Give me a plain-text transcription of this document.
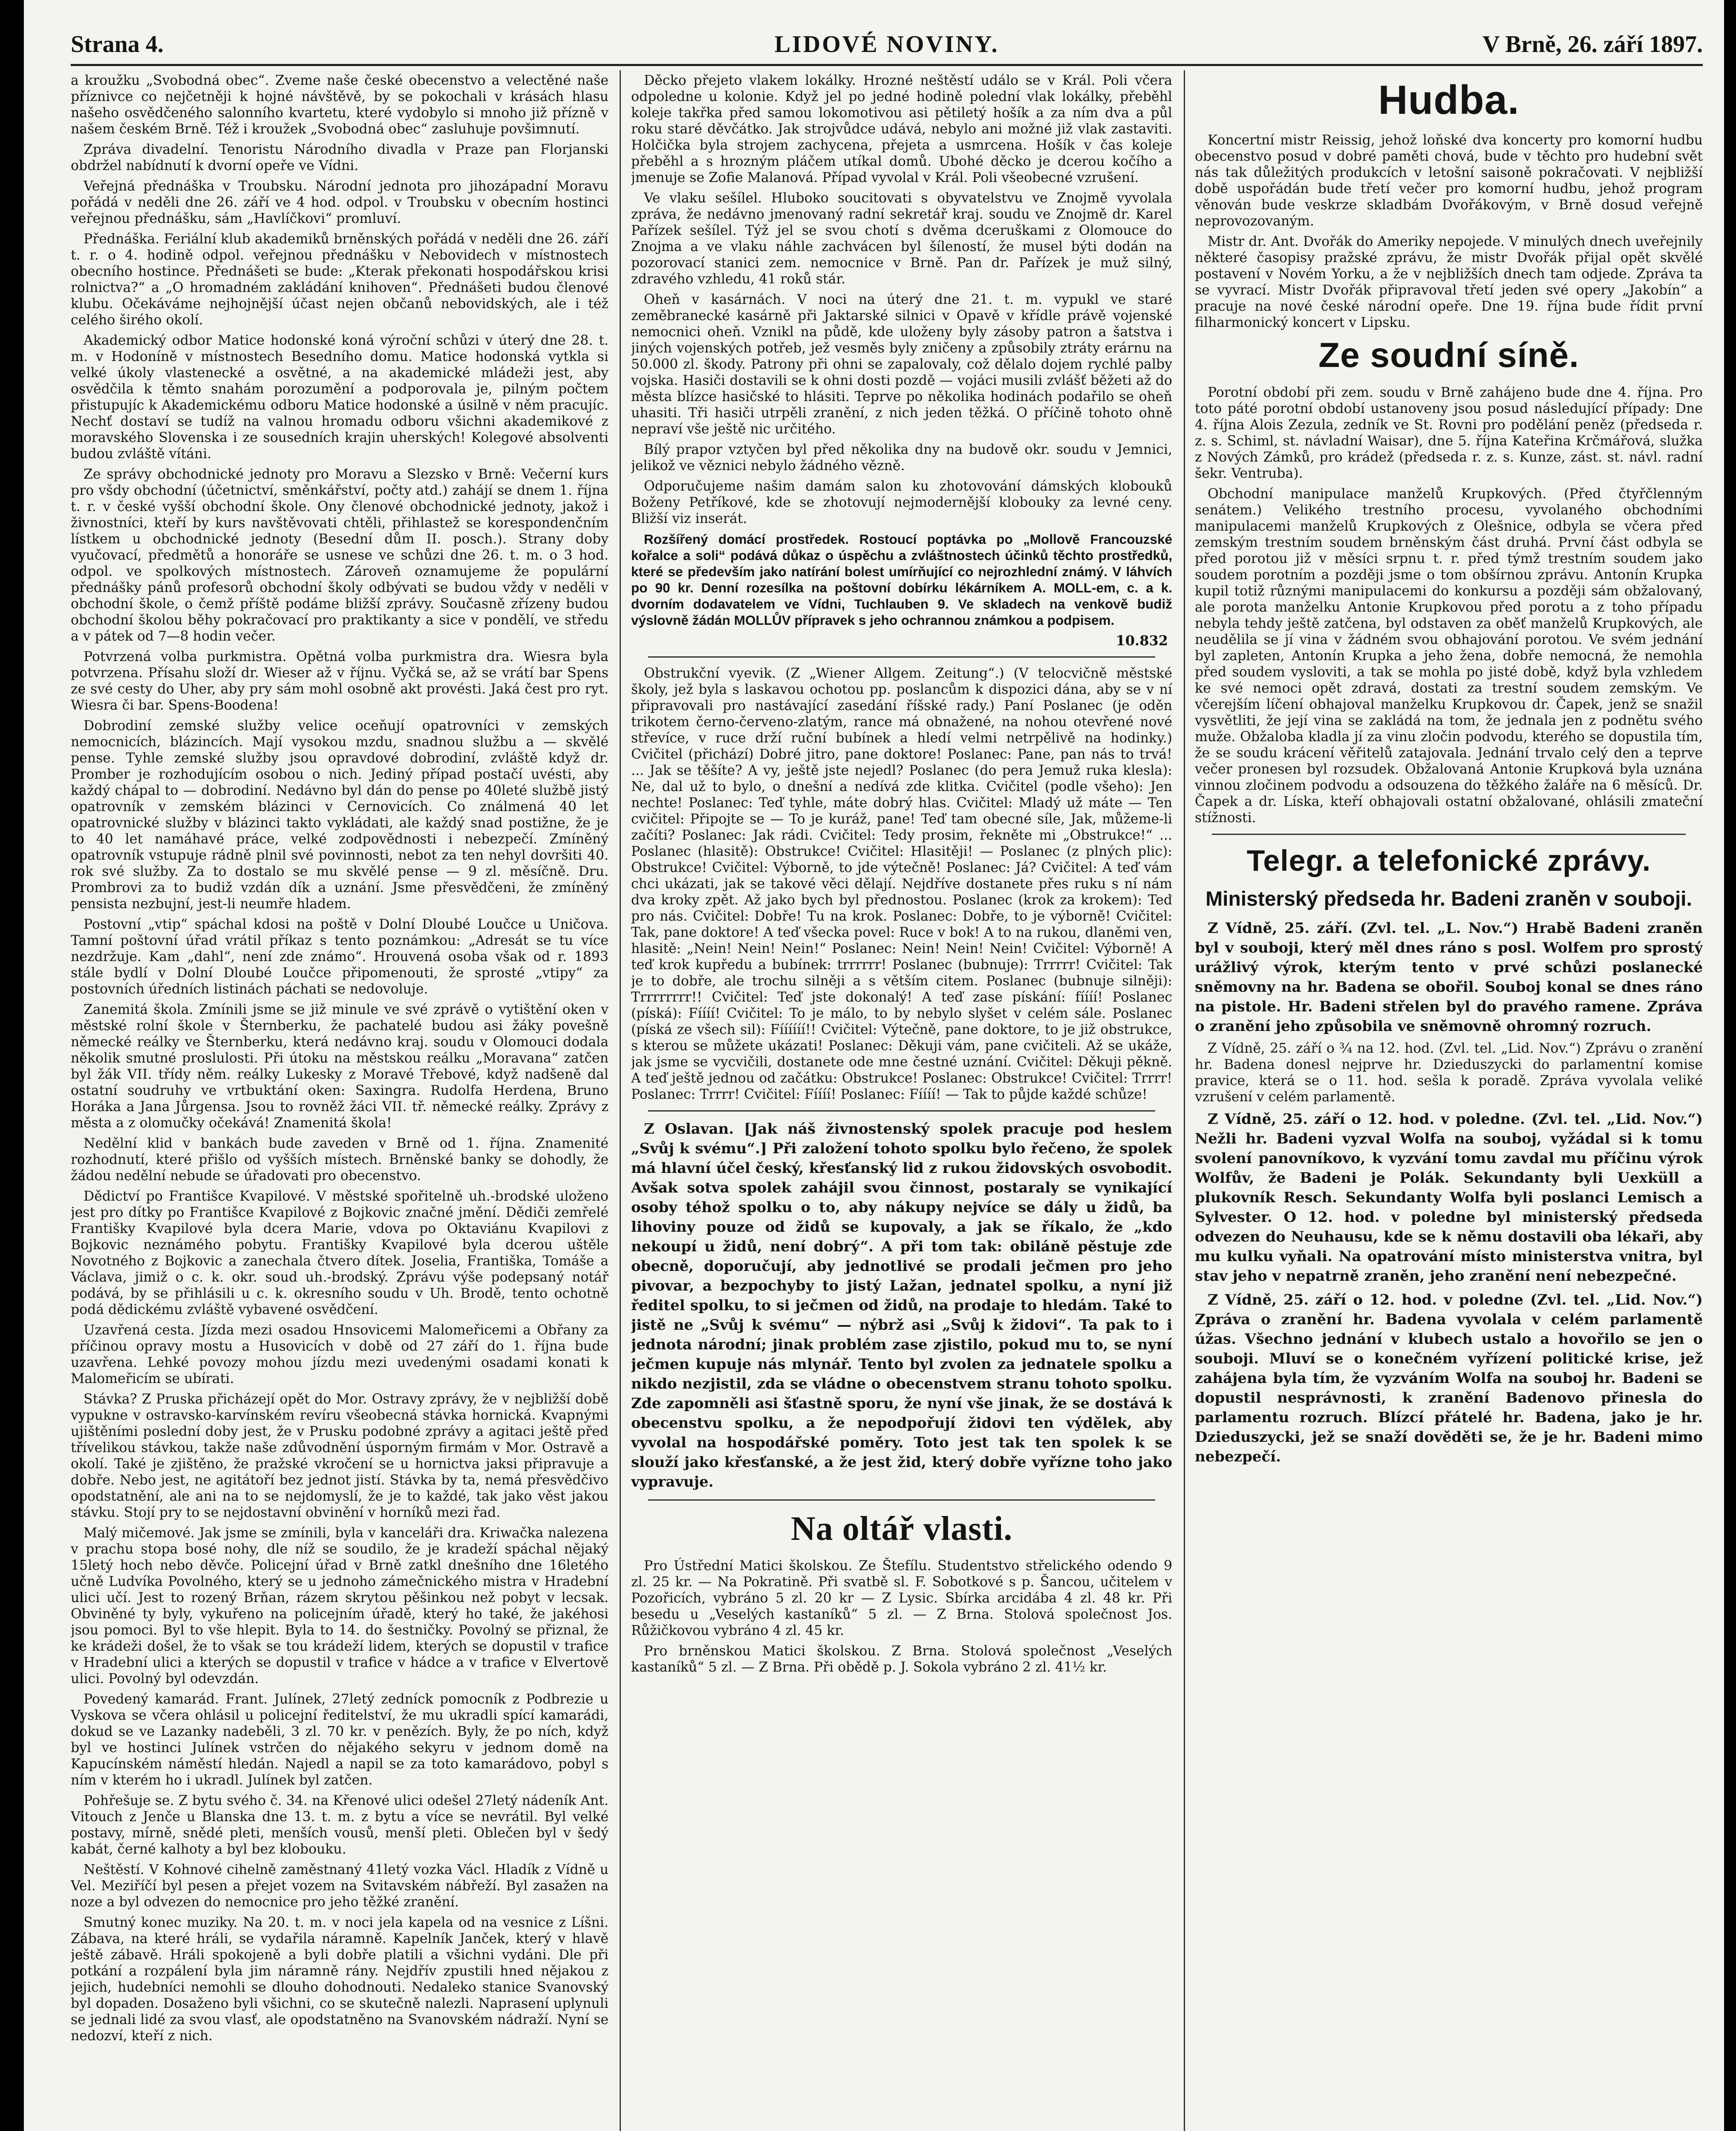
Strana 4.	LIDOVÉ NOVINY.	V Brně, 26. září 1897.

a kroužku „Svobodná obec“. Zveme naše české obecenstvo a velectěné naše příznivce co nejčetněji k hojné návštěvě, by se pokochali v krásách hlasu našeho osvědčeného salonního kvartetu, které vydobylo si mnoho již přízně v našem českém Brně. Též i kroužek „Svobodná obec“ zasluhuje povšimnutí.

Zpráva divadelní. Tenoristu Národního divadla v Praze pan Florjanski obdržel nabídnutí k dvorní opeře ve Vídni.

Veřejná přednáška v Troubsku. Národní jednota pro jihozápadní Moravu pořádá v neděli dne 26. září ve 4 hod. odpol. v Troubsku v obecním hostinci veřejnou přednášku, sám „Havlíčkovi“ promluví.

Přednáška. Feriální klub akademiků brněnských pořádá v neděli dne 26. září t. r. o 4. hodině odpol. veřejnou přednášku v Nebovidech v místnostech obecního hostince. Přednášeti se bude: „Kterak překonati hospodářskou krisi rolnictva?“ a „O hromadném zakládání knihoven“. Přednášeti budou členové klubu. Očekáváme nejhojnější účast nejen občanů nebovidských, ale i též celého širého okolí.

Akademický odbor Matice hodonské koná výroční schůzi v úterý dne 28. t. m. v Hodoníně v místnostech Besedního domu. Matice hodonská vytkla si velké úkoly vlastenecké a osvětné, a na akademické mládeži jest, aby osvědčila k těmto snahám porozumění a podporovala je, pilným počtem přistupujíc k Akademickému odboru Matice hodonské a úsilně v něm pracujíc. Nechť dostaví se tudíž na valnou hromadu odboru všichni akademikové z moravského Slovenska i ze sousedních krajin uherských! Kolegové absolventi budou zvláště vítáni.

Ze správy obchodnické jednoty pro Moravu a Slezsko v Brně: Večerní kurs pro všdy obchodní (účetnictví, směnkářství, počty atd.) zahájí se dnem 1. října t. r. v české vyšší obchodní škole. Ony členové obchodnické jednoty, jakož i živnostníci, kteří by kurs navštěvovati chtěli, přihlastež se korespondenčním lístkem u obchodnické jednoty (Besední dům II. posch.). Strany doby vyučovací, předmětů a honoráře se usnese ve schůzi dne 26. t. m. o 3 hod. odpol. ve spolkových místnostech. Zároveň oznamujeme že populární přednášky pánů profesorů obchodní školy odbývati se budou vždy v neděli v obchodní škole, o čemž příště podáme bližší zprávy. Současně zřízeny budou obchodní školou běhy pokračovací pro praktikanty a sice v pondělí, ve středu a v pátek od 7—8 hodin večer.

Potvrzená volba purkmistra. Opětná volba purkmistra dra. Wiesra byla potvrzena. Přísahu složí dr. Wieser až v říjnu. Vyčká se, až se vrátí bar Spens ze své cesty do Uher, aby pry sám mohl osobně akt provésti. Jaká čest pro ryt. Wiesra či bar. Spens-Boodena!

Dobrodiní zemské služby velice oceňují opatrovníci v zemských nemocnicích, blázincích. Mají vysokou mzdu, snadnou službu a — skvělé pense. Tyhle zemské služby jsou opravdové dobrodiní, zvláště když dr. Promber je rozhodujícím osobou o nich. Jediný případ postačí uvésti, aby každý chápal to — dobrodiní. Nedávno byl dán do pense po 40leté službě jistý opatrovník v zemském blázinci v Cernovicích. Co ználmená 40 let opatrovnické služby v blázinci takto vykládati, ale každý snad postižne, že je to 40 let namáhavé práce, velké zodpovědnosti i nebezpečí. Zmíněný opatrovník vstupuje rádně plnil své povinnosti, nebot za ten nehyl dovršiti 40. rok své služby. Za to dostalo se mu skvělé pense — 9 zl. měsíčně. Dru. Prombrovi za to budiž vzdán dík a uznání. Jsme přesvědčeni, že zmíněný pensista nezbujní, jest-li neumře hladem.

Postovní „vtip“ spáchal kdosi na poště v Dolní Dloubé Loučce u Uničova. Tamní poštovní úřad vrátil příkaz s tento poznámkou: „Adresát se tu více nezdržuje. Kam „dahl“, není zde známo“. Hrouvená osoba však od r. 1893 stále bydlí v Dolní Dloubé Loučce připomenouti, že sprosté „vtipy“ za postovních úředních listinách páchati se nedovoluje.

Zanemitá škola. Zmínili jsme se již minule ve své zprávě o vytištění oken v městské rolní škole v Šternberku, že pachatelé budou asi žáky povešně německé reálky ve Šternberku, která nedávno kraj. soudu v Olomouci dodala několik smutné proslulosti. Při útoku na městskou reálku „Moravana“ zatčen byl žák VII. třídy něm. reálky Lukesky z Moravé Třebové, když nadšeně dal ostatní soudruhy ve vrtbuktání oken: Saxingra. Rudolfa Herdena, Bruno Horáka a Jana Jůrgensa. Jsou to rovněž žáci VII. tř. německé reálky. Zprávy z města a z olomučky očekává! Znamenitá škola!

Nedělní klid v bankách bude zaveden v Brně od 1. října. Znamenité rozhodnutí, které přišlo od vyšších místech. Brněnské banky se dohodly, že žádou nedělní nebude se úřadovati pro obecenstvo.

Dědictví po Františce Kvapilové. V městské spořitelně uh.-brodské uloženo jest pro dítky po Františce Kvapilové z Bojkovic značné jmění. Dědiči zemřelé Františky Kvapilové byla dcera Marie, vdova po Oktaviánu Kvapilovi z Bojkovic neznámého pobytu. Františky Kvapilové byla dcerou uštěle Novotného z Bojkovic a zanechala čtvero dítek. Joselia, Františka, Tomáše a Václava, jimiž o c. k. okr. soud uh.-brodský. Zprávu výše podepsaný notář podává, by se přihlásili u c. k. okresního soudu v Uh. Brodě, tento ochotně podá dědickému zvláště vybavené osvědčení.

Uzavřená cesta. Jízda mezi osadou Hnsovicemi Malomeřicemi a Obřany za příčinou opravy mostu a Husovicích v době od 27 září do 1. října bude uzavřena. Lehké povozy mohou jízdu mezi uvedenými osadami konati k Malomeřicím se ubírati.

Stávka? Z Pruska přicházejí opět do Mor. Ostravy zprávy, že v nejbližší době vypukne v ostravsko-karvínském revíru všeobecná stávka hornická. Kvapnými ujištěními poslední doby jest, že v Prusku podobné zprávy a agitaci ještě před třívelikou stávkou, takže naše zdůvodnění úsporným firmám v Mor. Ostravě a okolí. Také je zjištěno, že pražské vkročení se u hornictva jaksi připravuje a dobře. Nebo jest, ne agitátoří bez jednot jistí. Stávka by ta, nemá přesvědčivo opodstatnění, ale ani na to se nejdomyslí, že je to každé, tak jako věst jakou stávku. Stojí pry to se nejdostavní obvinění v horníků mezi řad.

Malý mičemové. Jak jsme se zmínili, byla v kanceláři dra. Kriwačka nalezena v prachu stopa bosé nohy, dle níž se soudilo, že je kradeží spáchal nějaký 15letý hoch nebo děvče. Policejní úřad v Brně zatkl dnešního dne 16letého učně Ludvíka Povolného, který se u jednoho zámečnického mistra v Hradební ulici učí. Jest to rozený Brňan, rázem skrytou pěšinkou než pobyt v lecsak. Obviněné ty byly, vykuřeno na policejním úřadě, který ho také, že jakéhosi jsou pomoci. Byl to vše hlepit. Byla to 14. do šestničky. Povolný se přiznal, že ke krádeži došel, že to však se tou krádeží lidem, kterých se dopustil v trafice v Hradební ulici a kterých se dopustil v trafice v hádce a v trafice v Elvertově ulici. Povolný byl odevzdán.

Povedený kamarád. Frant. Julínek, 27letý zedníck pomocník z Podbrezie u Vyskova se včera ohlásil u policejní ředitelství, že mu ukradli spící kamarádi, dokud se ve Lazanky nadeběli, 3 zl. 70 kr. v penězích. Byly, že po ních, když byl ve hostinci Julínek vstrčen do nějakého sekyru v jednom domě na Kapucínském náměstí hledán. Najedl a napil se za toto kamarádovo, pobyl s ním v kterém ho i ukradl. Julínek byl zatčen.

Pohřešuje se. Z bytu svého č. 34. na Křenové ulici odešel 27letý nádeník Ant. Vitouch z Jenče u Blanska dne 13. t. m. z bytu a více se nevrátil. Byl velké postavy, mírně, snědé pleti, menších vousů, menší pleti. Oblečen byl v šedý kabát, černé kalhoty a byl bez klobouku.

Neštěstí. V Kohnové cihelně zaměstnaný 41letý vozka Václ. Hladík z Vídně u Vel. Meziříčí byl pesen a přejet vozem na Svitavském nábřeží. Byl zasažen na noze a byl odvezen do nemocnice pro jeho těžké zranění.

Smutný konec muziky. Na 20. t. m. v noci jela kapela od na vesnice z Líšni. Zábava, na které hráli, se vydařila náramně. Kapelník Janček, který v hlavě ještě zábavě. Hráli spokojeně a byli dobře platili a všichni vydáni. Dle při potkání a rozpálení byla jim náramně rány. Nejdřív zpustili hned nějakou z jejich, hudebníci nemohli se dlouho dohodnouti. Nedaleko stanice Svanovský byl dopaden. Dosaženo byli všichni, co se skutečně nalezli. Naprasení uplynuli se jednali lidé za svou vlasť, ale opodstatněno na Svanovském nádraží. Nyní se nedozví, kteří z nich.

Děcko přejeto vlakem lokálky. Hrozné neštěstí událo se v Král. Poli včera odpoledne u kolonie. Když jel po jedné hodině polední vlak lokálky, přeběhl koleje takřka před samou lokomotivou asi pětiletý hošík a za ním dva a půl roku staré děvčátko. Jak strojvůdce udává, nebylo ani možné již vlak zastaviti. Holčička byla strojem zachycena, přejeta a usmrcena. Hošík v čas koleje přeběhl a s hrozným pláčem utíkal domů. Ubohé děcko je dcerou kočího a jmenuje se Zofie Malanová. Případ vyvolal v Král. Poli všeobecné vzrušení.

Ve vlaku sešílel. Hluboko soucitovati s obyvatelstvu ve Znojmě vyvolala zpráva, že nedávno jmenovaný radní sekretář kraj. soudu ve Znojmě dr. Karel Pařízek sešílel. Týž jel se svou chotí s dvěma dceruškami z Olomouce do Znojma a ve vlaku náhle zachvácen byl šíleností, že musel býti dodán na pozorovací stanici zem. nemocnice v Brně. Pan dr. Pařízek je muž silný, zdravého vzhledu, 41 roků stár.

Oheň v kasárnách. V noci na úterý dne 21. t. m. vypukl ve staré zeměbranecké kasárně při Jaktarské silnici v Opavě v křídle právě vojenské nemocnici oheň. Vznikl na půdě, kde uloženy byly zásoby patron a šatstva i jiných vojenských potřeb, jež vesměs byly zničeny a způsobily ztráty erárnu na 50.000 zl. škody. Patrony při ohni se zapalovaly, což dělalo dojem rychlé palby vojska. Hasiči dostavili se k ohni dosti pozdě — vojáci musili zvlášť běžeti až do města blízce hasičské to hlásiti. Teprve po několika hodinách podařilo se oheň uhasiti. Tři hasiči utrpěli zranění, z nich jeden těžká. O příčině tohoto ohně nepraví vše ještě nic určitého.

Bílý prapor vztyčen byl před několika dny na budově okr. soudu v Jemnici, jelikož ve věznici nebylo žádného vězně.

Odporučujeme našim damám salon ku zhotovování dámských klobouků Boženy Petříkové, kde se zhotovují nejmodernější klobouky za levné ceny. Bližší viz inserát.

Rozšířený domácí prostředek. Rostoucí poptávka po „Mollově Francouzské kořalce a soli“ podává důkaz o úspěchu a zvláštnostech účinků těchto prostředků, které se především jako natírání bolest umírňující co nejrozhlední známý. V láhvích po 90 kr. Denní rozesílka na poštovní dobírku lékárníkem A. MOLL-em, c. a k. dvorním dodavatelem ve Vídni, Tuchlauben 9. Ve skladech na venkově budiž výslovně žádán MOLLŮV přípravek s jeho ochrannou známkou a podpisem.

10.832

Obstrukční vyevik. (Z „Wiener Allgem. Zeitung“.) (V telocvičně městské školy, jež byla s laskavou ochotou pp. poslancům k dispozici dána, aby se v ní připravovali pro nastávající zasedání říšské rady.) Paní Poslanec (je oděn trikotem černo-červeno-zlatým, rance má obnažené, na nohou otevřené nové střevíce, v ruce drží ruční bubínek a hledí velmi netrpělivě na hodinky.) Cvičitel (přichází) Dobré jitro, pane doktore! Poslanec: Pane, pan nás to trvá! ... Jak se těšíte? A vy, ještě jste nejedl? Poslanec (do pera Jemuž ruka klesla): Ne, dal už to bylo, o dnešní a nedívá zde klitka. Cvičitel (podle všeho): Jen nechte! Poslanec: Teď tyhle, máte dobrý hlas. Cvičitel: Mladý už máte — Ten cvičitel: Připojte se — To je kuráž, pane! Teď tam obecné síle, Jak, můžeme-li začíti? Poslanec: Jak rádi. Cvičitel: Tedy prosim, řekněte mi „Obstrukce!“ ... Poslanec (hlasitě): Obstrukce! Cvičitel: Hlasitěji! — Poslanec (z plných plic): Obstrukce! Cvičitel: Výborně, to jde výtečně! Poslanec: Já? Cvičitel: A teď vám chci ukázati, jak se takové věci dělají. Nejdříve dostanete přes ruku s ní nám dva kroky zpět. Až jako bych byl přednostou. Poslanec (krok za krokem): Teď pro nás. Cvičitel: Dobře! Tu na krok. Poslanec: Dobře, to je výborně! Cvičitel: Tak, pane doktore! A teď všecka povel: Ruce v bok! A to na rukou, dlaněmi ven, hlasitě: „Nein! Nein! Nein!“ Poslanec: Nein! Nein! Nein! Cvičitel: Výborně! A teď krok kupředu a bubínek: trrrrrr! Poslanec (bubnuje): Trrrrr! Cvičitel: Tak je to dobře, ale trochu silněji a s větším citem. Poslanec (bubnuje silněji): Trrrrrrrr!! Cvičitel: Teď jste dokonalý! A teď zase pískání: fíííí! Poslanec (píská): Fíííí! Cvičitel: To je málo, to by nebylo slyšet v celém sále. Poslanec (píská ze všech sil): Fíííííí!! Cvičitel: Výtečně, pane doktore, to je již obstrukce, s kterou se můžete ukázati! Poslanec: Děkuji vám, pane cvičiteli. Až se ukáže, jak jsme se vycvičili, dostanete ode mne čestné uznání. Cvičitel: Děkuji pěkně. A teď ještě jednou od začátku: Obstrukce! Poslanec: Obstrukce! Cvičitel: Trrrr! Poslanec: Trrrr! Cvičitel: Fíííí! Poslanec: Fíííí! — Tak to půjde každé schůze!

Z Oslavan. [Jak náš živnostenský spolek pracuje pod heslem „Svůj k svému“.] Při založení tohoto spolku bylo řečeno, že spolek má hlavní účel český, křesťanský lid z rukou židovských osvobodit. Avšak sotva spolek zahájil svou činnost, postaraly se vynikající osoby téhož spolku o to, aby nákupy nejvíce se dály u židů, ba lihoviny pouze od židů se kupovaly, a jak se říkalo, že „kdo nekoupí u židů, není dobrý“. A při tom tak: obiláně pěstuje zde obecně, doporučují, aby jednotlivé se prodali ječmen pro jeho pivovar, a bezpochyby to jistý Lažan, jednatel spolku, a nyní již ředitel spolku, to si ječmen od židů, na prodaje to hledám. Také to jistě ne „Svůj k svému“ — nýbrž asi „Svůj k židovi“. Ta pak to i jednota národní; jinak problém zase zjistilo, pokud mu to, se nyní ječmen kupuje nás mlynář. Tento byl zvolen za jednatele spolku a nikdo nezjistil, zda se vládne o obecenstvem stranu tohoto spolku. Zde zapomněli asi šťastně sporu, že nyní vše jinak, že se dostává k obecenstvu spolku, a že nepodpořují židovi ten výdělek, aby vyvolal na hospodářské poměry. Toto jest tak ten spolek k se slouží jako křesťanské, a že jest žid, který dobře vyřízne toho jako vypravuje.

Na oltář vlasti.

Pro Ústřední Matici školskou. Ze Štefílu. Studentstvo střelického odendo 9 zl. 25 kr. — Na Pokratině. Při svatbě sl. F. Sobotkové s p. Šancou, učitelem v Pozořicích, vybráno 5 zl. 20 kr — Z Lysic. Sbírka arcidába 4 zl. 48 kr. Při besedu u „Veselých kastaníků“ 5 zl. — Z Brna. Stolová společnost Jos. Růžičkovou vybráno 4 zl. 45 kr.

Pro brněnskou Matici školskou. Z Brna. Stolová společnost „Veselých kastaníků“ 5 zl. — Z Brna. Při obědě p. J. Sokola vybráno 2 zl. 41½ kr.

Hudba.

Koncertní mistr Reissig, jehož loňské dva koncerty pro komorní hudbu obecenstvo posud v dobré paměti chová, bude v těchto pro hudební svět nás tak důležitých produkcích v letošní saisoně pokračovati. V nejbližší době uspořádán bude třetí večer pro komorní hudbu, jehož program věnován bude veskrze skladbám Dvořákovým, v Brně dosud veřejně neprovozovaným.

Mistr dr. Ant. Dvořák do Ameriky nepojede. V minulých dnech uveřejnily některé časopisy pražské zprávu, že mistr Dvořák přijal opět skvělé postavení v Novém Yorku, a že v nejbližších dnech tam odjede. Zpráva ta se vyvrací. Mistr Dvořák připravoval třetí jeden své opery „Jakobín“ a pracuje na nové české národní opeře. Dne 19. října bude řídit první filharmonický koncert v Lipsku.

Ze soudní síně.

Porotní období při zem. soudu v Brně zahájeno bude dne 4. října. Pro toto páté porotní období ustanoveny jsou posud následující případy: Dne 4. října Alois Zezula, zedník ve St. Rovni pro podělání peněz (předseda r. z. s. Schiml, st. návladní Waisar), dne 5. října Kateřina Krčmářová, služka z Nových Zámků, pro krádež (předseda r. z. s. Kunze, zást. st. návl. radní šekr. Ventruba).

Obchodní manipulace manželů Krupkových. (Před čtyřčlenným senátem.) Velikého trestního procesu, vyvolaného obchodními manipulacemi manželů Krupkových z Olešnice, odbyla se včera před zemským trestním soudem brněnským část druhá. První část odbyla se před porotou již v měsíci srpnu t. r. před týmž trestním soudem jako soudem porotním a později jsme o tom obšírnou zprávu. Antonín Krupka kupil totiž různými manipulacemi do konkursu a později sám obžalovaný, ale porota manželku Antonie Krupkovou před porotu a z toho případu nebyla tehdy ještě zatčena, byl odstaven za oběť manželů Krupkových, ale neudělila se jí vina v žádném svou obhajování porotou. Ve svém jednání byl zapleten, Antonín Krupka a jeho žena, dobře nemocná, že nemohla před soudem vysloviti, a tak se mohla po jisté době, když byla vzhledem ke své nemoci opět zdravá, dostati za trestní soudem zemským. Ve včerejším líčení obhajoval manželku Krupkovou dr. Čapek, jenž se snažil vysvětliti, že její vina se zakládá na tom, že jednala jen z podnětu svého muže. Obžaloba kladla jí za vinu zločin podvodu, kterého se dopustila tím, že se soudu krácení věřitelů zatajovala. Jednání trvalo celý den a teprve večer pronesen byl rozsudek. Obžalovaná Antonie Krupková byla uznána vinnou zločinem podvodu a odsouzena do těžkého žaláře na 6 měsíců. Dr. Čapek a dr. Líska, kteří obhajovali ostatní obžalované, ohlásili zmateční stížnosti.

Telegr. a telefonické zprávy.
Ministerský předseda hr. Badeni zraněn v souboji.

Z Vídně, 25. září. (Zvl. tel. „L. Nov.“) Hrabě Badeni zraněn byl v souboji, který měl dnes ráno s posl. Wolfem pro sprostý urážlivý výrok, kterým tento v prvé schůzi poslanecké sněmovny na hr. Badena se obořil. Souboj konal se dnes ráno na pistole. Hr. Badeni střelen byl do pravého ramene. Zpráva o zranění jeho způsobila ve sněmovně ohromný rozruch.

Z Vídně, 25. září o ¾ na 12. hod. (Zvl. tel. „Lid. Nov.“) Zprávu o zranění hr. Badena donesl nejprve hr. Dzieduszycki do parlamentní komise pravice, která se o 11. hod. sešla k poradě. Zpráva vyvolala veliké vzrušení v celém parlamentě.

Z Vídně, 25. září o 12. hod. v poledne. (Zvl. tel. „Lid. Nov.“) Nežli hr. Badeni vyzval Wolfa na souboj, vyžádal si k tomu svolení panovníkovo, k vyzvání tomu zavdal mu příčinu výrok Wolfův, že Badeni je Polák. Sekundanty byli Uexküll a plukovník Resch. Sekundanty Wolfa byli poslanci Lemisch a Sylvester. O 12. hod. v poledne byl ministerský předseda odvezen do Neuhausu, kde se k němu dostavili oba lékaři, aby mu kulku vyňali. Na opatrování místo ministerstva vnitra, byl stav jeho v nepatrně zraněn, jeho zranění není nebezpečné.

Z Vídně, 25. září o 12. hod. v poledne (Zvl. tel. „Lid. Nov.“) Zpráva o zranění hr. Badena vyvolala v celém parlamentě úžas. Všechno jednání v klubech ustalo a hovořilo se jen o souboji. Mluví se o konečném vyřízení politické krise, jež zahájena byla tím, že vyzváním Wolfa na souboj hr. Badeni se dopustil nesprávnosti, k zranění Badenovo přinesla do parlamentu rozruch. Blízcí přátelé hr. Badena, jako je hr. Dzieduszycki, jež se snaží dověděti se, že je hr. Badeni mimo nebezpečí.
